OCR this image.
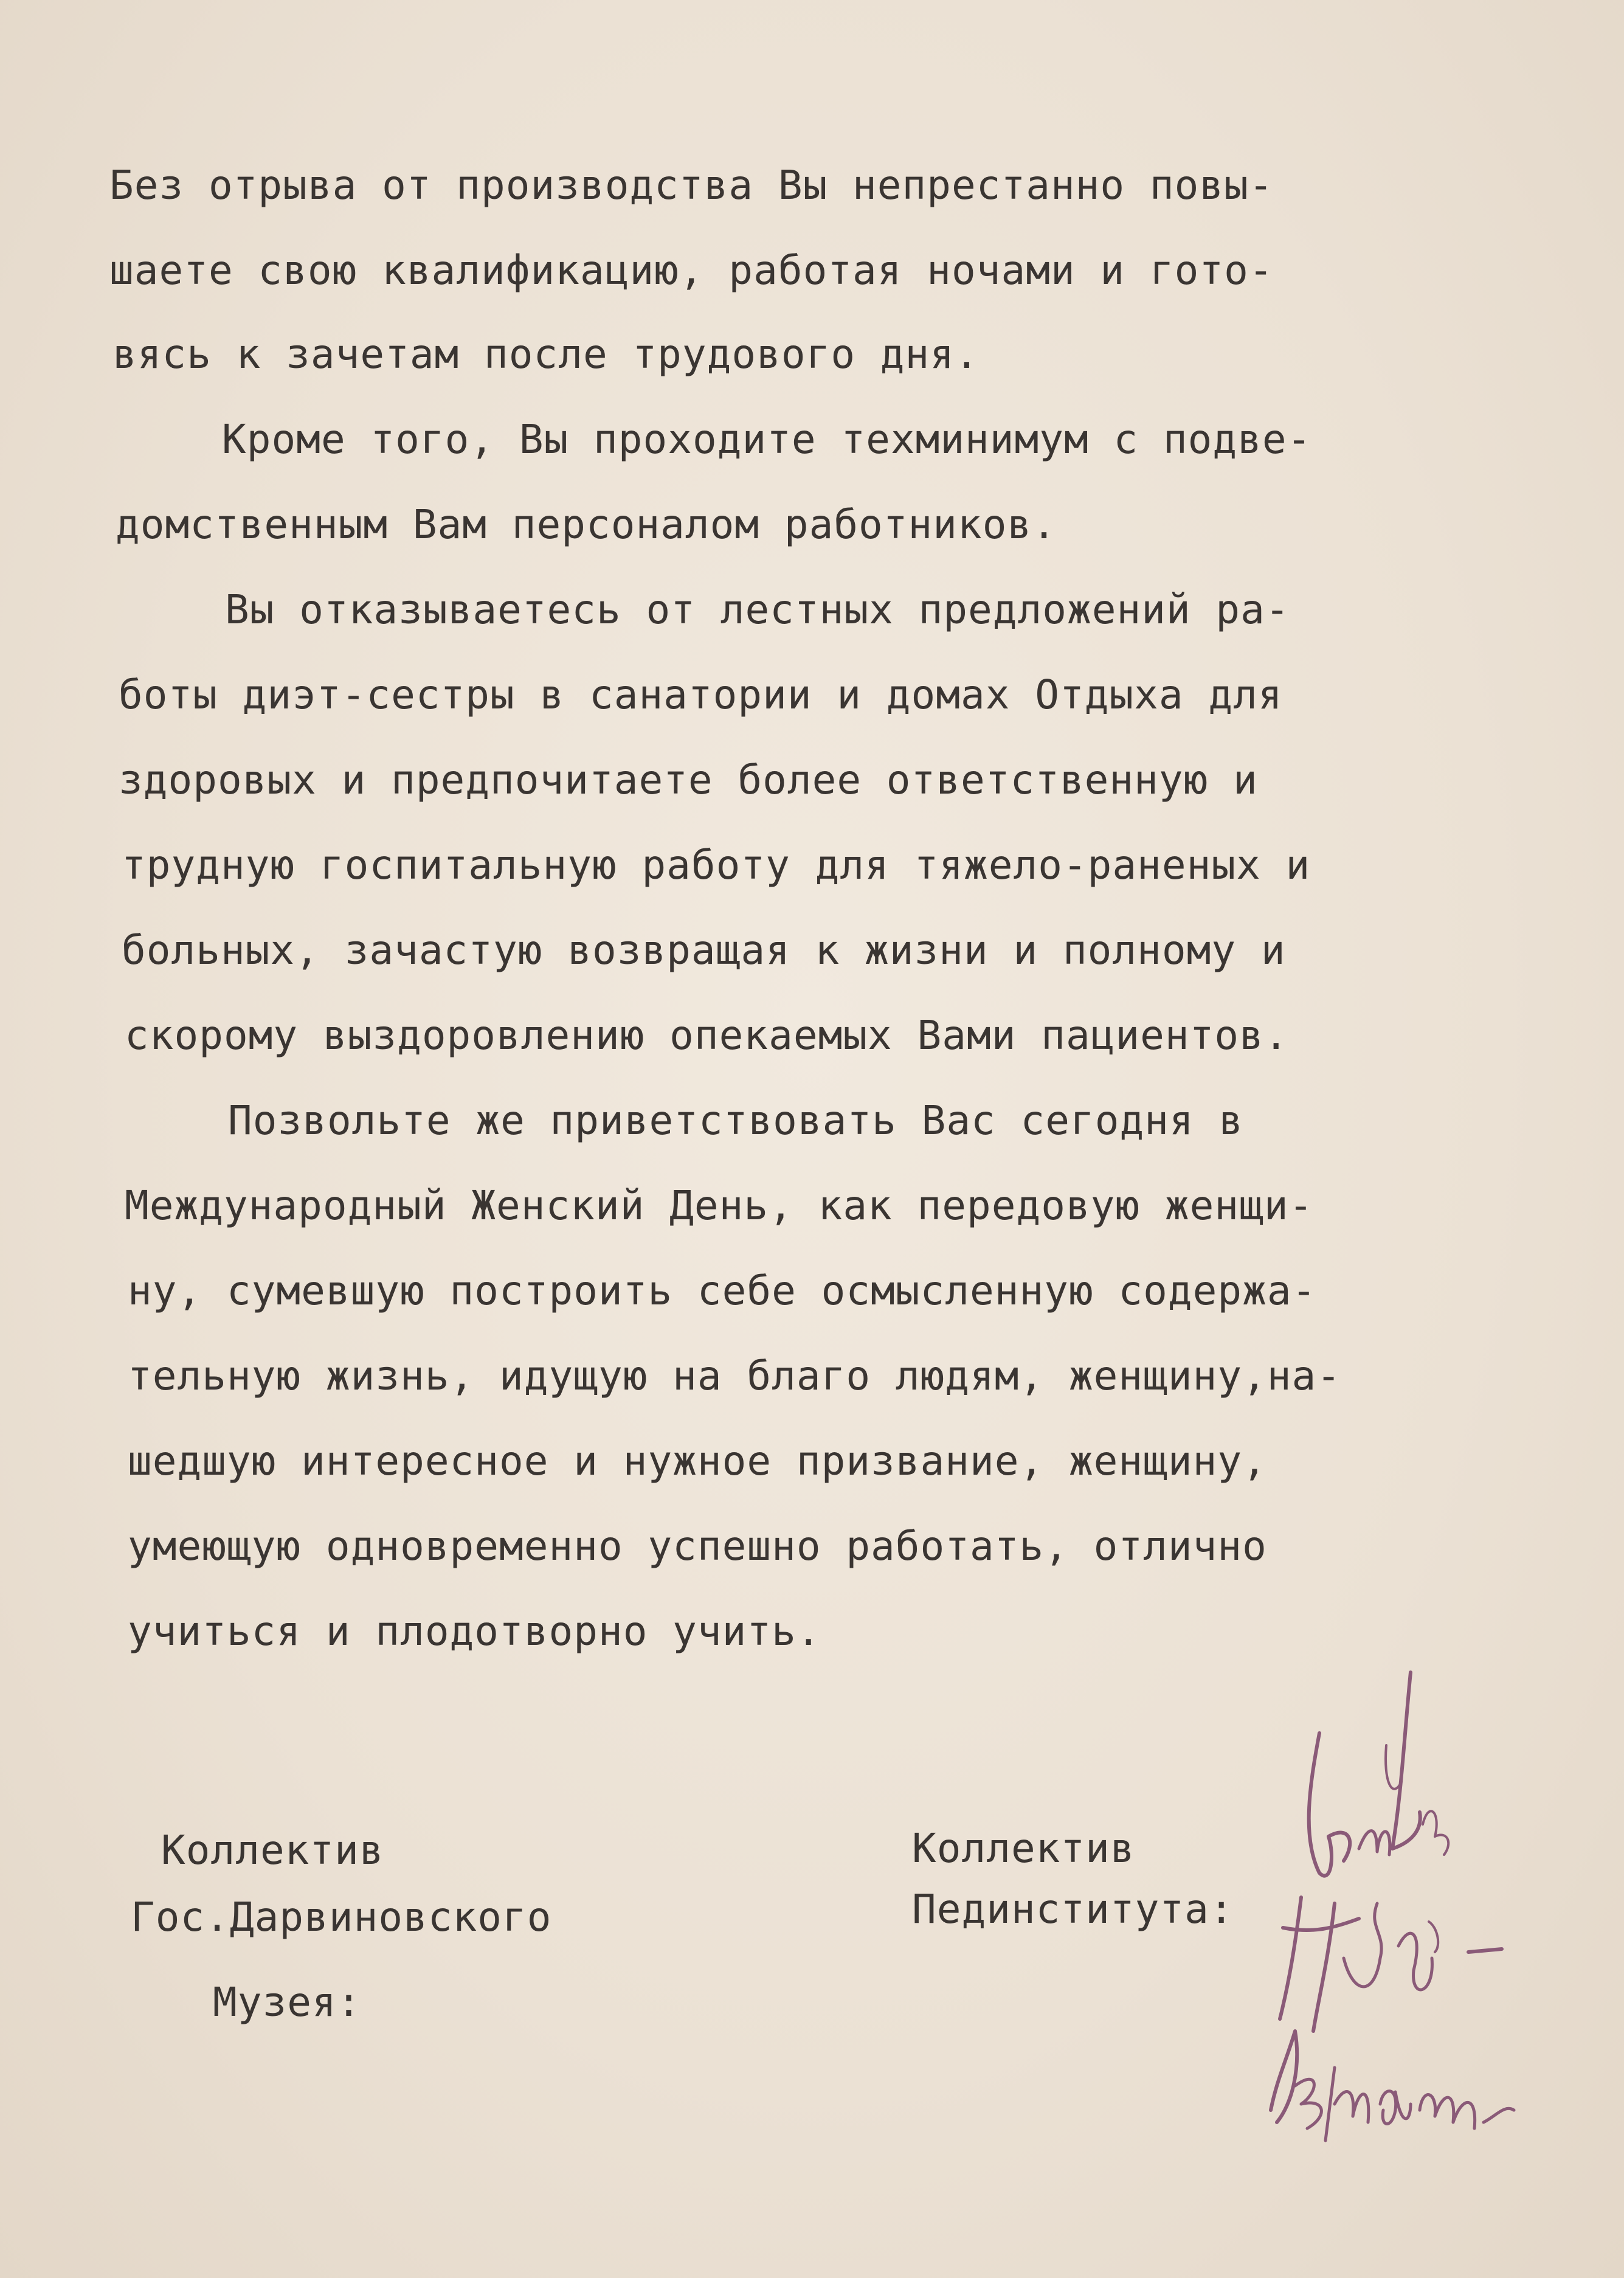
Без отрыва от производства Вы непрестанно повы-

шаете свою квалификацию, работая ночами и гото-

вясь к зачетам после трудового дня.

Кроме того, Вы проходите техминимум с подве-

домственным Вам персоналом работников.

Вы отказываетесь от лестных предложений ра-

боты диэт-сестры в санатории и домах Отдыха для

здоровых и предпочитаете более ответственную и

трудную госпитальную работу для тяжело-раненых и

больных, зачастую возвращая к жизни и полному и

скорому выздоровлению опекаемых Вами пациентов.

Позвольте же приветствовать Вас сегодня в

Международный Женский День, как передовую женщи-

ну, сумевшую построить себе осмысленную содержа-

тельную жизнь, идущую на благо людям, женщину,на-

шедшую интересное и нужное призвание, женщину,

умеющую одновременно успешно работать, отлично

учиться и плодотворно учить.

Коллектив

Гос.Дарвиновского

Музея:

Коллектив

Пединститута:
